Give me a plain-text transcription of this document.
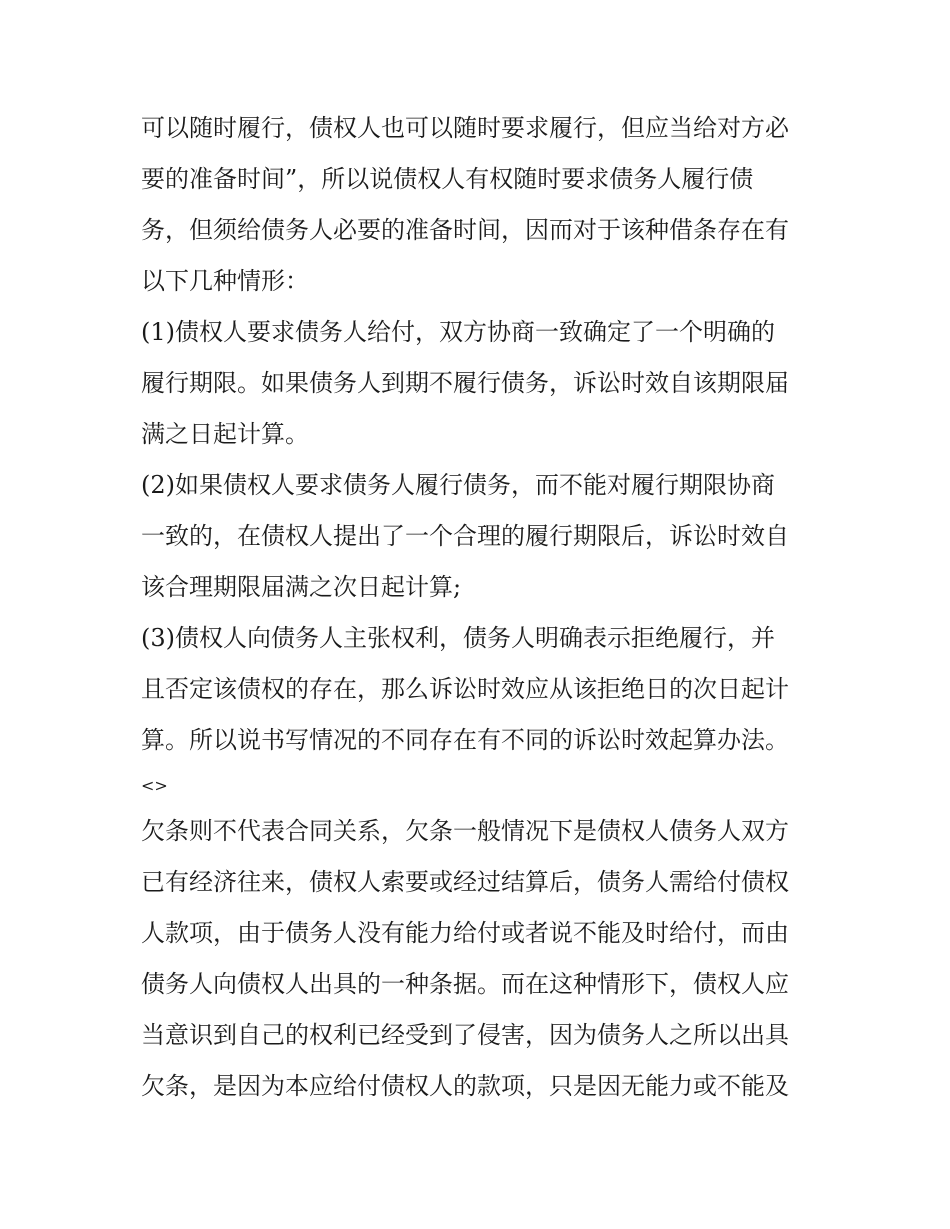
可以随时履行，债权人也可以随时要求履行，但应当给对方必
要的准备时间”，所以说债权人有权随时要求债务人履行债
务，但须给债务人必要的准备时间，因而对于该种借条存在有
以下几种情形：
(1)债权人要求债务人给付，双方协商一致确定了一个明确的
履行期限。如果债务人到期不履行债务，诉讼时效自该期限届
满之日起计算。
(2)如果债权人要求债务人履行债务，而不能对履行期限协商
一致的，在债权人提出了一个合理的履行期限后，诉讼时效自
该合理期限届满之次日起计算;
(3)债权人向债务人主张权利，债务人明确表示拒绝履行，并
且否定该债权的存在，那么诉讼时效应从该拒绝日的次日起计
算。所以说书写情况的不同存在有不同的诉讼时效起算办法。
<>
欠条则不代表合同关系，欠条一般情况下是债权人债务人双方
已有经济往来，债权人索要或经过结算后，债务人需给付债权
人款项，由于债务人没有能力给付或者说不能及时给付，而由
债务人向债权人出具的一种条据。而在这种情形下，债权人应
当意识到自己的权利已经受到了侵害，因为债务人之所以出具
欠条，是因为本应给付债权人的款项，只是因无能力或不能及
